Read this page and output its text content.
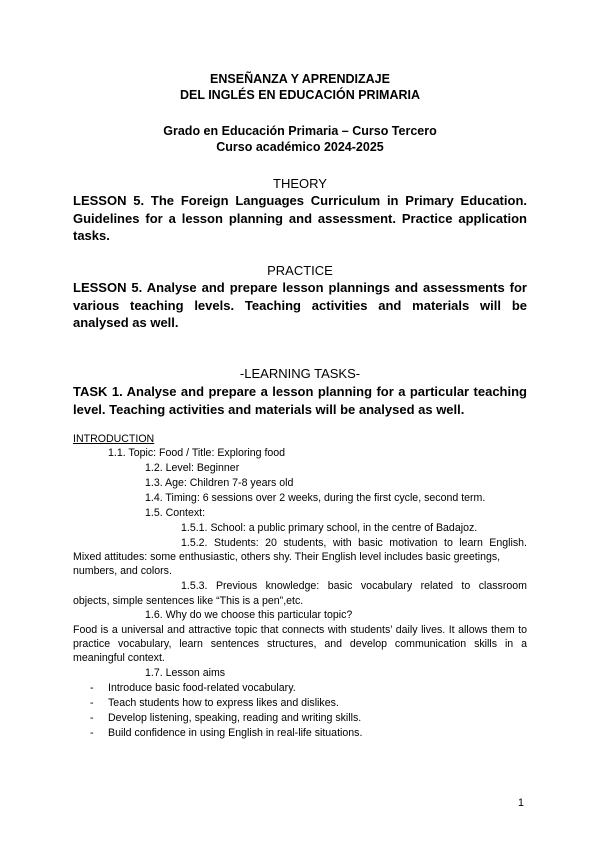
ENSEÑANZA Y APRENDIZAJE
DEL INGLÉS EN EDUCACIÓN PRIMARIA
Grado en Educación Primaria – Curso Tercero
Curso académico 2024-2025
THEORY
LESSON 5. The Foreign Languages Curriculum in Primary Education. Guidelines for a lesson planning and assessment. Practice application tasks.
PRACTICE
LESSON 5. Analyse and prepare lesson plannings and assessments for various teaching levels. Teaching activities and materials will be analysed as well.
-LEARNING TASKS-
TASK 1. Analyse and prepare a lesson planning for a particular teaching level. Teaching activities and materials will be analysed as well.
INTRODUCTION
1.1. Topic: Food / Title: Exploring food
1.2. Level: Beginner
1.3. Age: Children 7-8 years old
1.4. Timing: 6 sessions over 2 weeks, during the first cycle, second term.
1.5. Context:
1.5.1. School: a public primary school, in the centre of Badajoz.
1.5.2. Students: 20 students, with basic motivation to learn English.
Mixed attitudes: some enthusiastic, others shy. Their English level includes basic greetings, numbers, and colors.
1.5.3. Previous knowledge: basic vocabulary related to classroom
objects, simple sentences like “This is a pen”,etc.
1.6. Why do we choose this particular topic?
Food is a universal and attractive topic that connects with students’ daily lives. It allows them to practice vocabulary, learn sentences structures, and develop communication skills in a meaningful context.
1.7. Lesson aims
- Introduce basic food-related vocabulary.
- Teach students how to express likes and dislikes.
- Develop listening, speaking, reading and writing skills.
- Build confidence in using English in real-life situations.
1
